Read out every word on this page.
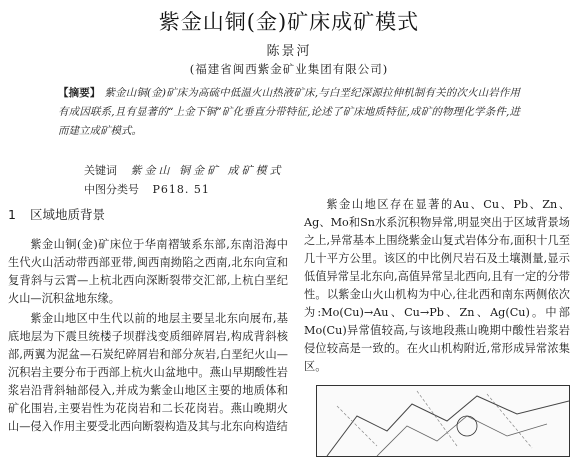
紫金山铜(金)矿床成矿模式
陈景河
(福建省闽西紫金矿业集团有限公司)
【摘要】 紫金山铜(金)矿床为高硫中低温火山热液矿床,与白垩纪深源拉伸机制有关的次火山岩作用有成因联系,且有显著的“上金下铜”矿化垂直分带特征,论述了矿床地质特征,成矿的物理化学条件,进而建立成矿模式。
关键词 紫金山 铜金矿 成矿模式
中图分类号 P618. 51
1 区域地质背景

紫金山铜(金)矿床位于华南褶皱系东部,东南沿海中生代火山活动带西部亚带,闽西南拗陷之西南,北东向宣和复背斜与云霄—上杭北西向深断裂带交汇部,上杭白垩纪火山—沉积盆地东缘。

紫金山地区中生代以前的地层主要呈北东向展布,基底地层为下震旦统楼子坝群浅变质细碎屑岩,构成背斜核部,两翼为泥盆—石炭纪碎屑岩和部分灰岩,白垩纪火山—沉积岩主要分布于西部上杭火山盆地中。燕山早期酸性岩浆岩沿背斜轴部侵入,并成为紫金山地区主要的地质体和矿化围岩,主要岩性为花岗岩和二长花岗岩。燕山晚期火山—侵入作用主要受北西向断裂构造及其与北东向构造结

紫金山地区存在显著的Au、Cu、Pb、Zn、Ag、Mo和Sn水系沉积物异常,明显突出于区域背景场之上,异常基本上围绕紫金山复式岩体分布,面积十几至几十平方公里。该区的中比例尺岩石及土壤测量,显示低值异常呈北东向,高值异常呈北西向,且有一定的分带性。以紫金山火山机构为中心,往北西和南东两侧依次为:Mo(Cu)→Au、Cu→Pb、Zn、Ag(Cu)。中部Mo(Cu)异常值较高,与该地段燕山晚期中酸性岩浆岩侵位较高是一致的。在火山机构附近,常形成异常浓集区。
